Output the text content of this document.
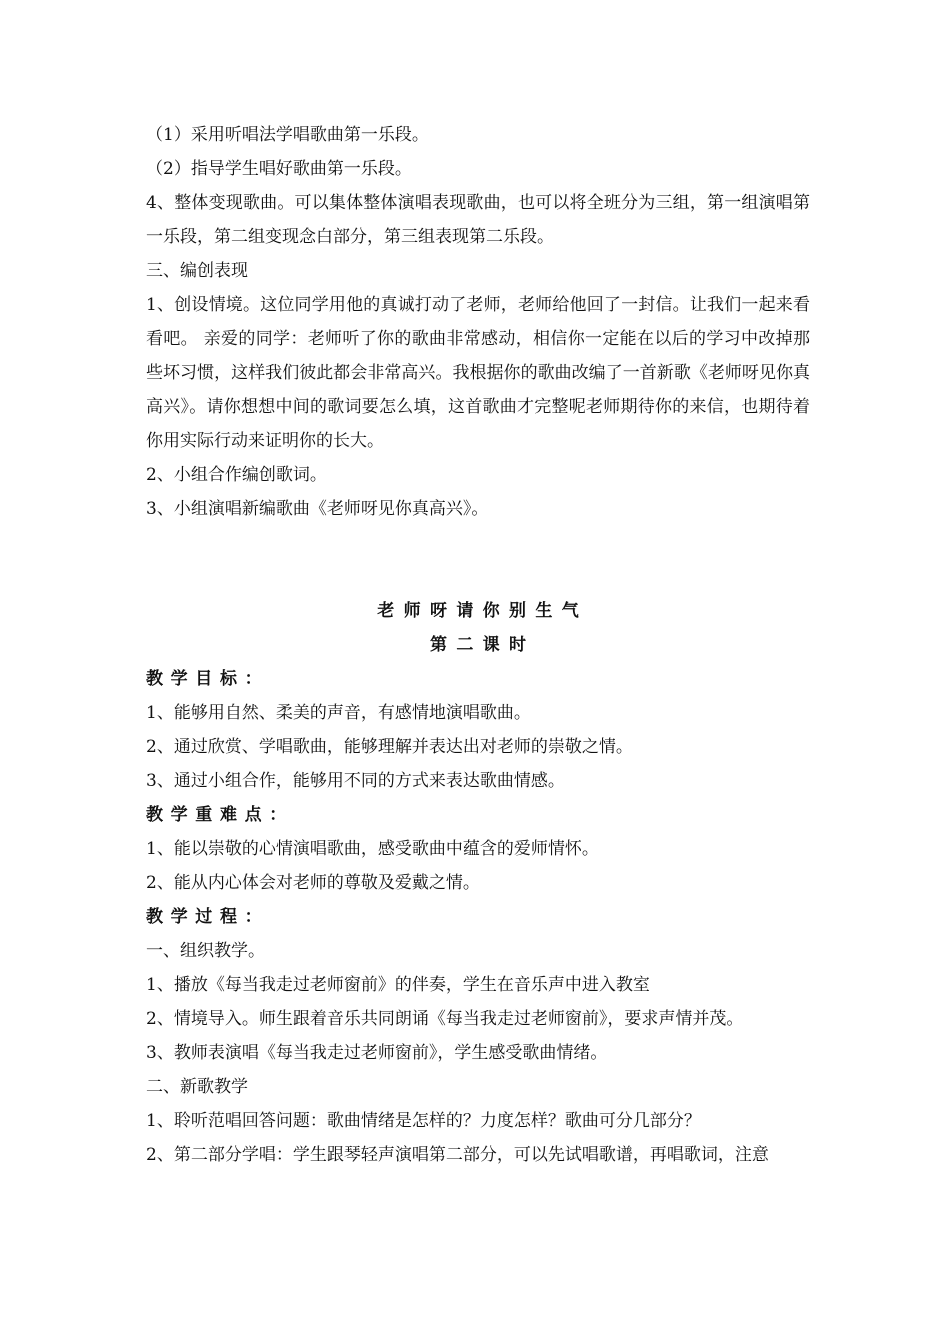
（1）采用听唱法学唱歌曲第一乐段。
（2）指导学生唱好歌曲第一乐段。
4、整体变现歌曲。可以集体整体演唱表现歌曲，也可以将全班分为三组，第一组演唱第一乐段，第二组变现念白部分，第三组表现第二乐段。
三、编创表现
1、创设情境。这位同学用他的真诚打动了老师，老师给他回了一封信。让我们一起来看看吧。 亲爱的同学：老师听了你的歌曲非常感动，相信你一定能在以后的学习中改掉那些坏习惯，这样我们彼此都会非常高兴。我根据你的歌曲改编了一首新歌《老师呀见你真高兴》。请你想想中间的歌词要怎么填，这首歌曲才完整呢老师期待你的来信，也期待着你用实际行动来证明你的长大。
2、小组合作编创歌词。
3、小组演唱新编歌曲《老师呀见你真高兴》。
老师呀请你别生气
第二课时
教学目标：
1、能够用自然、柔美的声音，有感情地演唱歌曲。
2、通过欣赏、学唱歌曲，能够理解并表达出对老师的崇敬之情。
3、通过小组合作，能够用不同的方式来表达歌曲情感。
教学重难点：
1、能以崇敬的心情演唱歌曲，感受歌曲中蕴含的爱师情怀。
2、能从内心体会对老师的尊敬及爱戴之情。
教学过程：
一、组织教学。
1、播放《每当我走过老师窗前》的伴奏，学生在音乐声中进入教室
2、情境导入。师生跟着音乐共同朗诵《每当我走过老师窗前》，要求声情并茂。
3、教师表演唱《每当我走过老师窗前》，学生感受歌曲情绪。
二、新歌教学
1、聆听范唱回答问题：歌曲情绪是怎样的？力度怎样？歌曲可分几部分？
2、第二部分学唱：学生跟琴轻声演唱第二部分，可以先试唱歌谱，再唱歌词，注意
